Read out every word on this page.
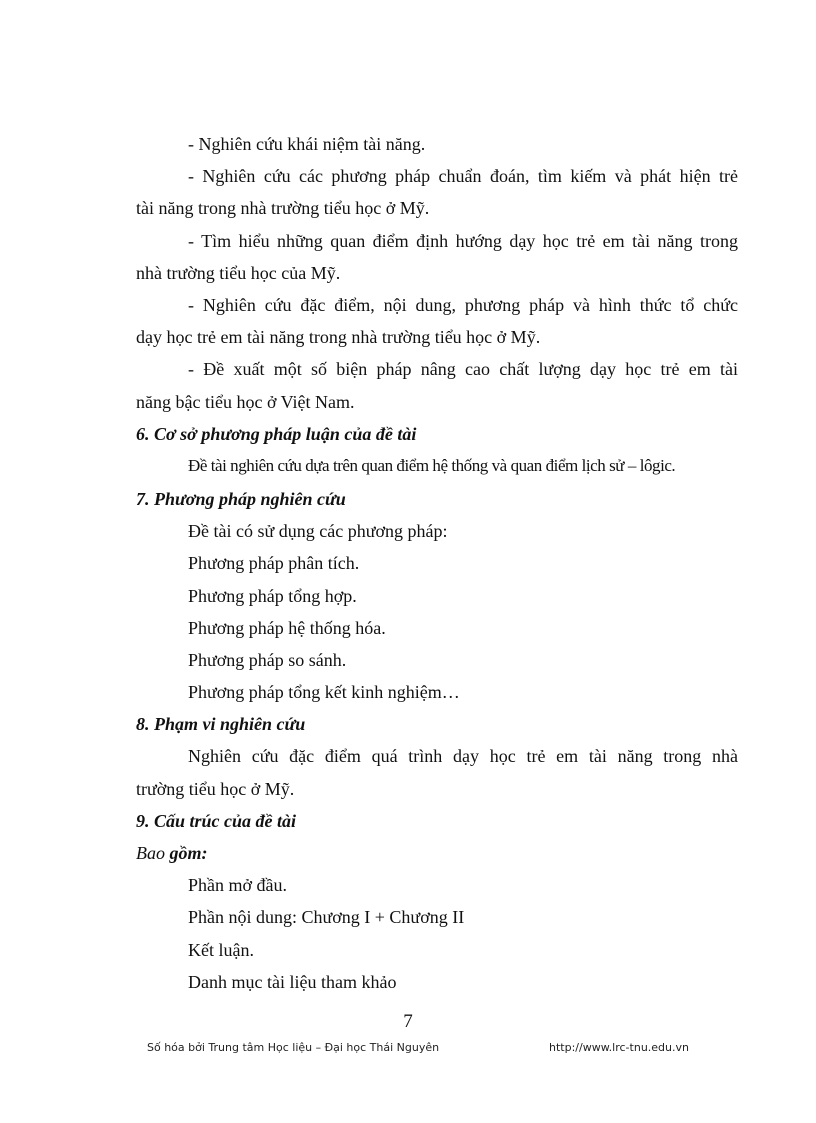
- Nghiên cứu khái niệm tài năng.
- Nghiên cứu các phương pháp chuẩn đoán, tìm kiếm và phát hiện trẻ
tài năng trong nhà trường tiểu học ở Mỹ.
- Tìm hiểu những quan điểm định hướng dạy học trẻ em tài năng trong
nhà trường tiểu học của Mỹ.
- Nghiên cứu đặc điểm, nội dung, phương pháp và hình thức tổ chức
dạy học trẻ em tài năng trong nhà trường tiểu học ở Mỹ.
- Đề xuất một số biện pháp nâng cao chất lượng dạy học trẻ em tài
năng bậc tiểu học ở Việt Nam.
6. Cơ sở phương pháp luận của đề tài
Đề tài nghiên cứu dựa trên quan điểm hệ thống và quan điểm lịch sử – lôgic.
7. Phương pháp nghiên cứu
Đề tài có sử dụng các phương pháp:
Phương pháp phân tích.
Phương pháp tổng hợp.
Phương pháp hệ thống hóa.
Phương pháp so sánh.
Phương pháp tổng kết kinh nghiệm…
8. Phạm vi nghiên cứu
Nghiên cứu đặc điểm quá trình dạy học trẻ em tài năng trong nhà
trường tiểu học ở Mỹ.
9. Cấu trúc của đề tài
Bao gồm:
Phần mở đầu.
Phần nội dung: Chương I + Chương II
Kết luận.
Danh mục tài liệu tham khảo
7
Số hóa bởi Trung tâm Học liệu – Đại học Thái Nguyên	http://www.lrc-tnu.edu.vn
